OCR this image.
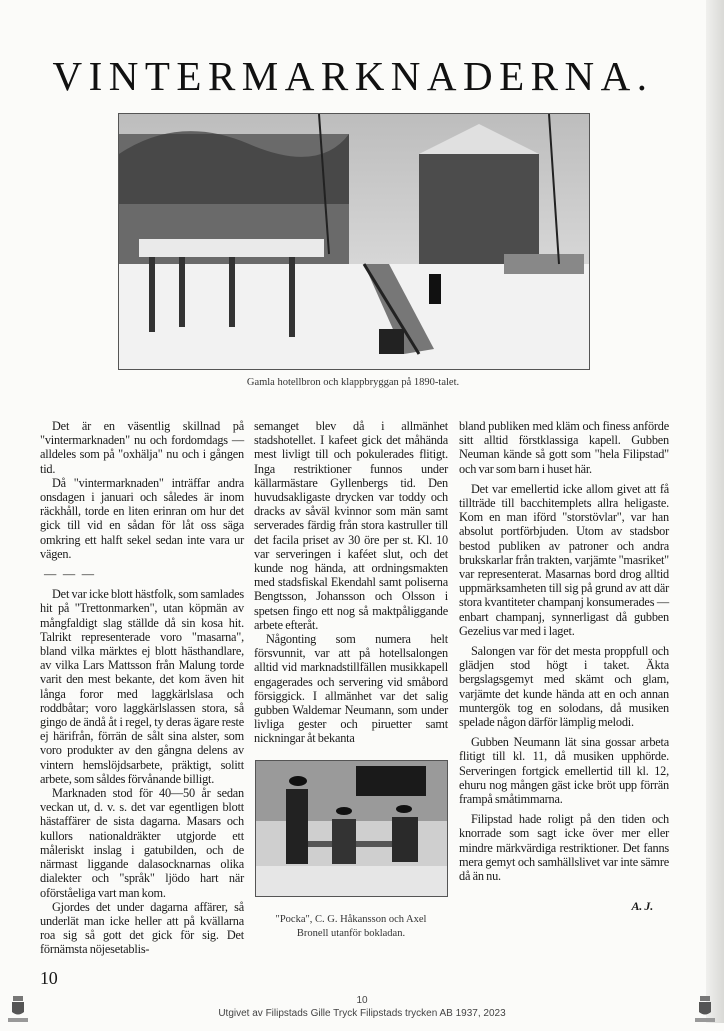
VINTERMARKNADERNA.
Gamla hotellbron och klappbryggan på 1890-talet.

Det är en väsentlig skillnad på "vintermarknaden" nu och fordomdags — alldeles som på "oxhälja" nu och i gången tid.

Då "vintermarknaden" inträffar andra onsdagen i januari och således är inom räckhåll, torde en liten erinran om hur det gick till vid en sådan för låt oss säga omkring ett halft sekel sedan inte vara ur vägen.

— — —

Det var icke blott hästfolk, som samlades hit på "Trettonmarken", utan köpmän av mångfaldigt slag ställde då sin kosa hit. Talrikt representerade voro "masarna", bland vilka märktes ej blott hästhandlare, av vilka Lars Mattsson från Malung torde varit den mest bekante, det kom även hit långa foror med laggkärlslasa och roddbåtar; voro laggkärlslassen stora, så gingo de ändå åt i regel, ty deras ägare reste ej härifrån, förrän de sålt sina alster, som voro produkter av den gångna delens av vintern hemslöjdsarbete, präktigt, solitt arbete, som såldes förvånande billigt.

Marknaden stod för 40—50 år sedan veckan ut, d. v. s. det var egentligen blott hästaffärer de sista dagarna. Masars och kullors nationaldräkter utgjorde ett måleriskt inslag i gatubilden, och de närmast liggande dalasocknarnas olika dialekter och "språk" ljödo hart när oförståeliga vart man kom.

Gjordes det under dagarna affärer, så underlät man icke heller att på kvällarna roa sig så gott det gick för sig. Det förnämsta nöjesetablis-

10

semanget blev då i allmänhet stadshotellet. I kafeet gick det måhända mest livligt till och pokulerades flitigt. Inga restriktioner funnos under källarmästare Gyllenbergs tid. Den huvudsakligaste drycken var toddy och dracks av såväl kvinnor som män samt serverades färdig från stora kastruller till det facila priset av 30 öre per st. Kl. 10 var serveringen i kaféet slut, och det kunde nog hända, att ordningsmakten med stadsfiskal Ekendahl samt poliserna Bengtsson, Johansson och Olsson i spetsen fingo ett nog så maktpåliggande arbete efteråt.

Någonting som numera helt försvunnit, var att på hotellsalongen alltid vid marknadstillfällen musikkapell engagerades och servering vid småbord försiggick. I allmänhet var det salig gubben Waldemar Neumann, som under livliga gester och piruetter samt nickningar åt bekanta

"Pocka", C. G. Håkansson och Axel
Bronell utanför bokladan.

bland publiken med kläm och finess anförde sitt alltid förstklassiga kapell. Gubben Neuman kände så gott som "hela Filipstad" och var som barn i huset här.

Det var emellertid icke allom givet att få tillträde till bacchitemplets allra heligaste. Kom en man iförd "storstövlar", var han absolut portförbjuden. Utom av stadsbor bestod publiken av patroner och andra brukskarlar från trakten, varjämte "masriket" var representerat. Masarnas bord drog alltid uppmärksamheten till sig på grund av att där stora kvantiteter champanj konsumerades — enbart champanj, synnerligast då gubben Gezelius var med i laget.

Salongen var för det mesta proppfull och glädjen stod högt i taket. Äkta bergslagsgemyt med skämt och glam, varjämte det kunde hända att en och annan muntergök tog en solodans, då musiken spelade någon därför lämplig melodi.

Gubben Neumann lät sina gossar arbeta flitigt till kl. 11, då musiken upphörde. Serveringen fortgick emellertid till kl. 12, ehuru nog mången gäst icke bröt upp förrän frampå småtimmarna.

Filipstad hade roligt på den tiden och knorrade som sagt icke över mer eller mindre märkvärdiga restriktioner. Det fanns mera gemyt och samhällslivet var inte sämre då än nu.

A. J.
10
Utgivet av Filipstads Gille Tryck Filipstads trycken AB 1937, 2023
